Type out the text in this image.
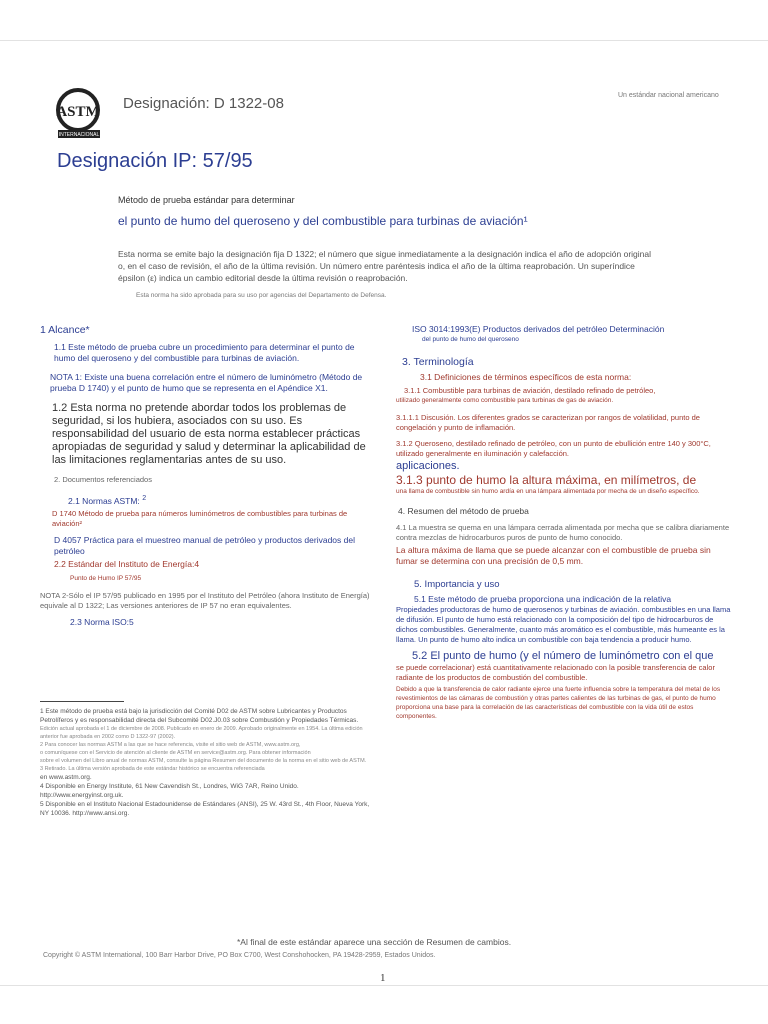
ASTM
INTERNACIONAL
Designación: D 1322-08	Un estándar nacional americano
Designación IP: 57/95
Método de prueba estándar para determinar
el punto de humo del queroseno y del combustible para turbinas de aviación¹
Esta norma se emite bajo la designación fija D 1322; el número que sigue inmediatamente a la designación indica el año de adopción original o, en el caso de revisión, el año de la última revisión. Un número entre paréntesis indica el año de la última reaprobación. Un superíndice épsilon (ε) indica un cambio editorial desde la última revisión o reaprobación.
Esta norma ha sido aprobada para su uso por agencias del Departamento de Defensa.

1 Alcance*

1.1 Este método de prueba cubre un procedimiento para determinar el punto de humo del queroseno y del combustible para turbinas de aviación.

NOTA 1: Existe una buena correlación entre el número de luminómetro (Método de prueba D 1740) y el punto de humo que se representa en el Apéndice X1.

1.2 Esta norma no pretende abordar todos los problemas de seguridad, si los hubiera, asociados con su uso. Es responsabilidad del usuario de esta norma establecer prácticas apropiadas de seguridad y salud y determinar la aplicabilidad de las limitaciones reglamentarias antes de su uso.

2. Documentos referenciados

2.1 Normas ASTM: $^2$

D 1740 Método de prueba para números luminómetros de combustibles para turbinas de aviación²

D 4057 Práctica para el muestreo manual de petróleo y productos derivados del petróleo

2.2 Estándar del Instituto de Energía:4

Punto de Humo IP 57/95

NOTA 2-Sólo el IP 57/95 publicado en 1995 por el Instituto del Petróleo (ahora Instituto de Energía) equivale al D 1322; Las versiones anteriores de IP 57 no eran equivalentes.

2.3 Norma ISO:5

1 Este método de prueba está bajo la jurisdicción del Comité D02 de ASTM sobre Lubricantes y Productos Petrolíferos y es responsabilidad directa del Subcomité D02.J0.03 sobre Combustión y Propiedades Térmicas.

Edición actual aprobada el 1 de diciembre de 2008. Publicado en enero de 2009. Aprobado originalmente en 1954. La última edición anterior fue aprobada en 2002 como D 1322-97 (2002).

2 Para conocer las normas ASTM a las que se hace referencia, visite el sitio web de ASTM, www.astm.org,

o comuníquese con el Servicio de atención al cliente de ASTM en service@astm.org. Para obtener información

sobre el volumen del Libro anual de normas ASTM, consulte la página Resumen del documento de la norma en el sitio web de ASTM.

3 Retirado. La última versión aprobada de este estándar histórico se encuentra referenciada

en www.astm.org.

4 Disponible en Energy Institute, 61 New Cavendish St., Londres, WiG 7AR, Reino Unido. http://www.energyinst.org.uk.

5 Disponible en el Instituto Nacional Estadounidense de Estándares (ANSI), 25 W. 43rd St., 4th Floor, Nueva York, NY 10036. http://www.ansi.org.

ISO 3014:1993(E) Productos derivados del petróleo Determinación

del punto de humo del queroseno

3. Terminología

3.1 Definiciones de términos específicos de esta norma:

3.1.1 Combustible para turbinas de aviación, destilado refinado de petróleo,

utilizado generalmente como combustible para turbinas de gas de aviación.

3.1.1.1 Discusión. Los diferentes grados se caracterizan por rangos de volatilidad, punto de congelación y punto de inflamación.

3.1.2 Queroseno, destilado refinado de petróleo, con un punto de ebullición entre 140 y 300°C, utilizado generalmente en iluminación y calefacción.

aplicaciones.

3.1.3 punto de humo la altura máxima, en milímetros, de

una llama de combustible sin humo ardía en una lámpara alimentada por mecha de un diseño específico.

4. Resumen del método de prueba

4.1 La muestra se quema en una lámpara cerrada alimentada por mecha que se calibra diariamente contra mezclas de hidrocarburos puros de punto de humo conocido.

La altura máxima de llama que se puede alcanzar con el combustible de prueba sin fumar se determina con una precisión de 0,5 mm.

5. Importancia y uso

5.1 Este método de prueba proporciona una indicación de la relativa

Propiedades productoras de humo de querosenos y turbinas de aviación. combustibles en una llama de difusión. El punto de humo está relacionado con la composición del tipo de hidrocarburos de dichos combustibles. Generalmente, cuanto más aromático es el combustible, más humeante es la llama. Un punto de humo alto indica un combustible con baja tendencia a producir humo.

5.2 El punto de humo (y el número de luminómetro con el que

se puede correlacionar) está cuantitativamente relacionado con la posible transferencia de calor radiante de los productos de combustión del combustible.

Debido a que la transferencia de calor radiante ejerce una fuerte influencia sobre la temperatura del metal de los revestimientos de las cámaras de combustión y otras partes calientes de las turbinas de gas, el punto de humo proporciona una base para la correlación de las características del combustible con la vida útil de estos componentes.

*Al final de este estándar aparece una sección de Resumen de cambios.
Copyright © ASTM International, 100 Barr Harbor Drive, PO Box C700, West Conshohocken, PA 19428-2959, Estados Unidos.
1
